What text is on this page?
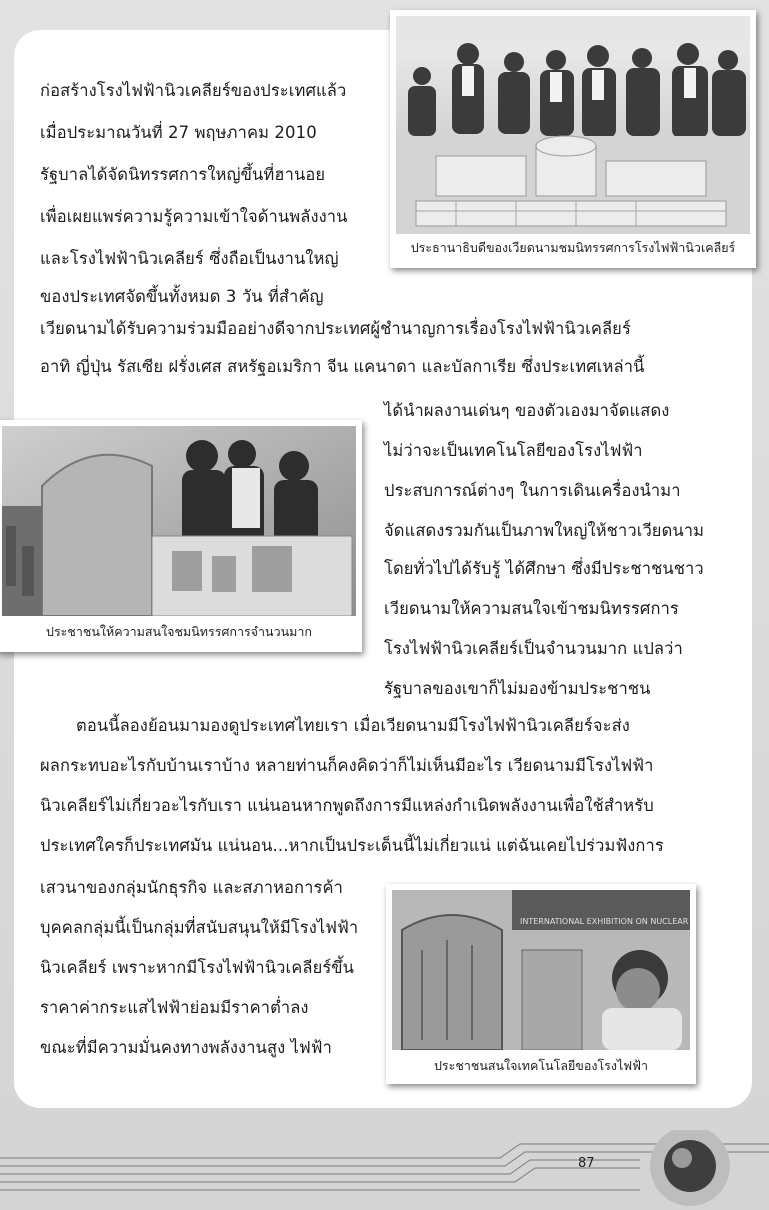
ก่อสร้างโรงไฟฟ้านิวเคลียร์ของประเทศแล้ว
เมื่อประมาณวันที่ 27 พฤษภาคม 2010
รัฐบาลได้จัดนิทรรศการใหญ่ขึ้นที่ฮานอย
เพื่อเผยแพร่ความรู้ความเข้าใจด้านพลังงาน
และโรงไฟฟ้านิวเคลียร์ ซึ่งถือเป็นงานใหญ่
ของประเทศจัดขึ้นทั้งหมด 3 วัน ที่สำคัญ
เวียดนามได้รับความร่วมมืออย่างดีจากประเทศผู้ชำนาญการเรื่องโรงไฟฟ้านิวเคลียร์
อาทิ ญี่ปุ่น รัสเซีย ฝรั่งเศส สหรัฐอเมริกา จีน แคนาดา และบัลกาเรีย ซึ่งประเทศเหล่านี้
ได้นำผลงานเด่นๆ ของตัวเองมาจัดแสดง
ไม่ว่าจะเป็นเทคโนโลยีของโรงไฟฟ้า
ประสบการณ์ต่างๆ ในการเดินเครื่องนำมา
จัดแสดงรวมกันเป็นภาพใหญ่ให้ชาวเวียดนาม
โดยทั่วไปได้รับรู้ ได้ศึกษา ซึ่งมีประชาชนชาว
เวียดนามให้ความสนใจเข้าชมนิทรรศการ
โรงไฟฟ้านิวเคลียร์เป็นจำนวนมาก แปลว่า
รัฐบาลของเขาก็ไม่มองข้ามประชาชน
ตอนนี้ลองย้อนมามองดูประเทศไทยเรา เมื่อเวียดนามมีโรงไฟฟ้านิวเคลียร์จะส่ง
ผลกระทบอะไรกับบ้านเราบ้าง หลายท่านก็คงคิดว่าก็ไม่เห็นมีอะไร เวียดนามมีโรงไฟฟ้า
นิวเคลียร์ไม่เกี่ยวอะไรกับเรา แน่นอนหากพูดถึงการมีแหล่งกำเนิดพลังงานเพื่อใช้สำหรับ
ประเทศใครก็ประเทศมัน แน่นอน...หากเป็นประเด็นนี้ไม่เกี่ยวแน่ แต่ฉันเคยไปร่วมฟังการ
เสวนาของกลุ่มนักธุรกิจ และสภาหอการค้า
บุคคลกลุ่มนี้เป็นกลุ่มที่สนับสนุนให้มีโรงไฟฟ้า
นิวเคลียร์ เพราะหากมีโรงไฟฟ้านิวเคลียร์ขึ้น
ราคาค่ากระแสไฟฟ้าย่อมมีราคาต่ำลง
ขณะที่มีความมั่นคงทางพลังงานสูง ไฟฟ้า
ประธานาธิบดีของเวียดนามชมนิทรรศการโรงไฟฟ้านิวเคลียร์
ประชาชนให้ความสนใจชมนิทรรศการจำนวนมาก
INTERNATIONAL EXHIBITION ON NUCLEAR
ประชาชนสนใจเทคโนโลยีของโรงไฟฟ้า
87
